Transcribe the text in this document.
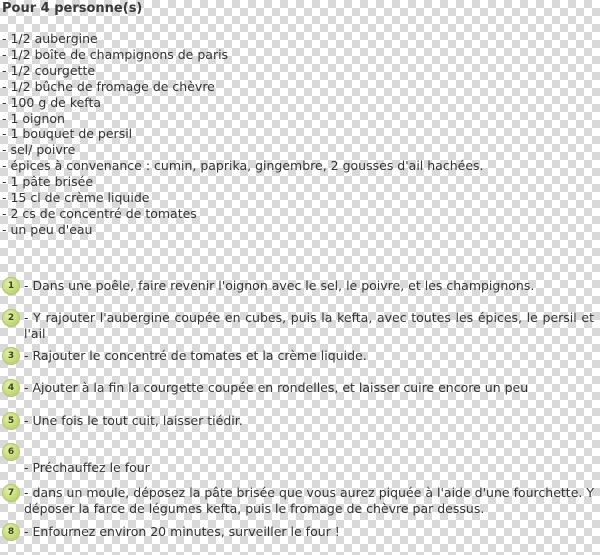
Pour 4 personne(s)
- 1/2 aubergine
- 1/2 boîte de champignons de paris
- 1/2 courgette
- 1/2 bûche de fromage de chèvre
- 100 g de kefta
- 1 oignon
- 1 bouquet de persil
- sel/ poivre
- épices à convenance : cumin, paprika, gingembre, 2 gousses d'ail hachées.
- 1 pâte brisée
- 15 cl de crème liquide
- 2 cs de concentré de tomates
- un peu d'eau
1 - Dans une poêle, faire revenir l'oignon avec le sel, le poivre, et les champignons.
2 - Y rajouter l'aubergine coupée en cubes, puis la kefta, avec toutes les épices, le persil et l'ail
3 - Rajouter le concentré de tomates et la crème liquide.
4 - Ajouter à la fin la courgette coupée en rondelles, et laisser cuire encore un peu
5 - Une fois le tout cuit, laisser tiédir.
6
- Préchauffez le four
7 - dans un moule, déposez la pâte brisée que vous aurez piquée à l'aide d'une fourchette. Y déposer la farce de légumes kefta, puis le fromage de chèvre par dessus.
8 - Enfournez environ 20 minutes, surveiller le four !
